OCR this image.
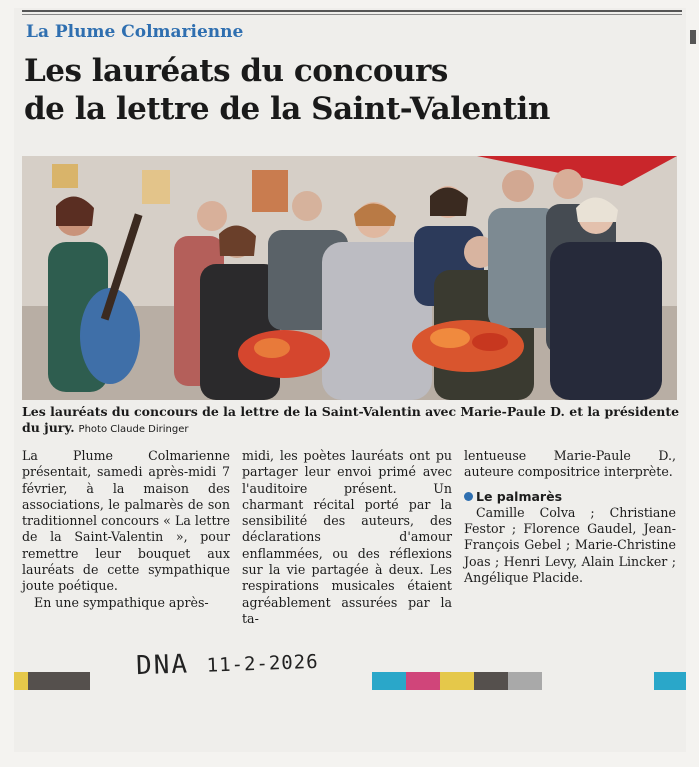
La Plume Colmarienne
Les lauréats du concours
de la lettre de la Saint-Valentin
Les lauréats du concours de la lettre de la Saint-Valentin avec Marie-Paule D. et la présidente du jury. Photo Claude Diringer

La Plume Colmarienne présentait, samedi après-midi 7 février, à la maison des associations, le palmarès de son traditionnel concours « La lettre de la Saint-Valentin », pour remettre leur bouquet aux lauréats de cette sympathique joute poétique.

En une sympathique après-

midi, les poètes lauréats ont pu partager leur envoi primé avec l'auditoire présent. Un charmant récital porté par la sensibilité des auteurs, des déclarations d'amour enflammées, ou des réflexions sur la vie partagée à deux. Les respirations musicales étaient agréablement assurées par la ta-

lentueuse Marie-Paule D., auteure compositrice interprète.

Le palmarès

Camille Colva ; Christiane Festor ; Florence Gaudel, Jean-François Gebel ; Marie-Christine Joas ; Henri Levy, Alain Lincker ; Angélique Placide.

DNA 11-2-2026
